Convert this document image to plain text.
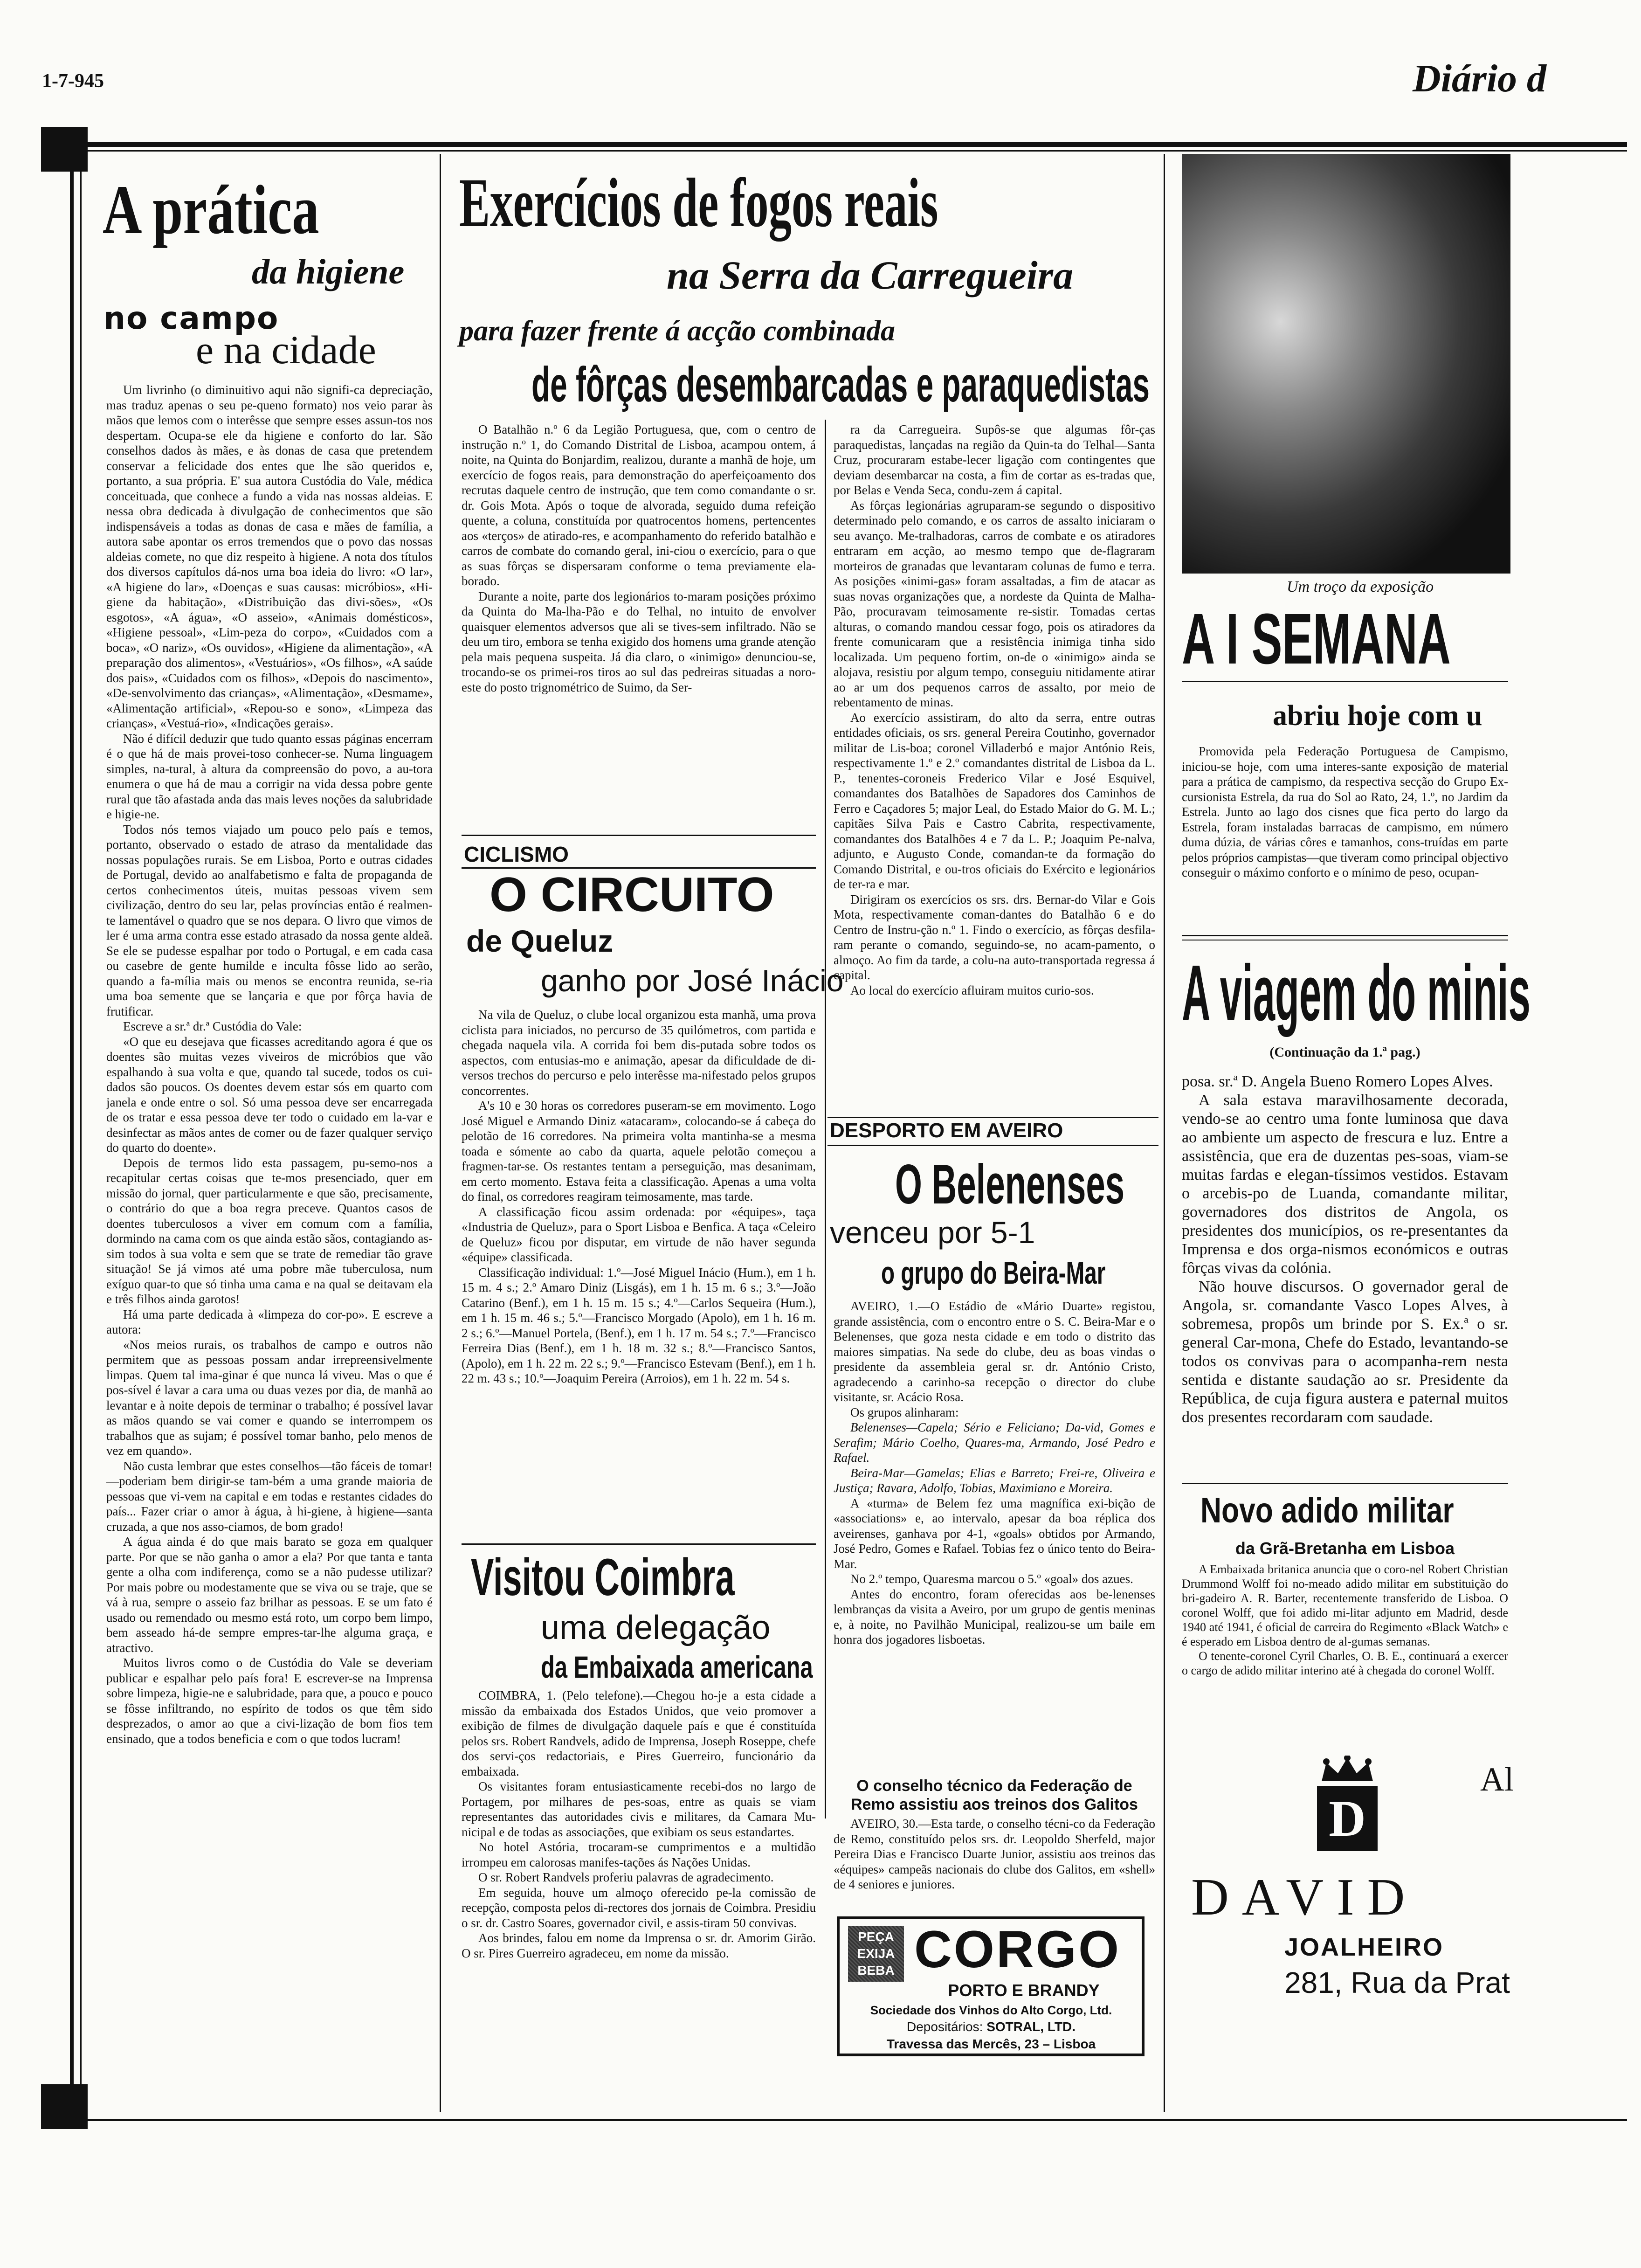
1-7-945	Diário d
A prática
da higiene
no campo
e na cidade

Um livrinho (o diminuitivo aqui não signifi-ca depreciação, mas traduz apenas o seu pe-queno formato) nos veio parar às mãos que lemos com o interêsse que sempre esses assun-tos nos despertam. Ocupa-se ele da higiene e conforto do lar. São conselhos dados às mães, e às donas de casa que pretendem conservar a felicidade dos entes que lhe são queridos e, portanto, a sua própria. E' sua autora Custódia do Vale, médica conceituada, que conhece a fundo a vida nas nossas aldeias. E nessa obra dedicada à divulgação de conhecimentos que são indispensáveis a todas as donas de casa e mães de família, a autora sabe apontar os erros tremendos que o povo das nossas aldeias comete, no que diz respeito à higiene. A nota dos títulos dos diversos capítulos dá-nos uma boa ideia do livro: «O lar», «A higiene do lar», «Doenças e suas causas: micróbios», «Hi-giene da habitação», «Distribuição das divi-sões», «Os esgotos», «A água», «O asseio», «Animais domésticos», «Higiene pessoal», «Lim-peza do corpo», «Cuidados com a boca», «O nariz», «Os ouvidos», «Higiene da alimentação», «A preparação dos alimentos», «Vestuários», «Os filhos», «A saúde dos pais», «Cuidados com os filhos», «Depois do nascimento», «De-senvolvimento das crianças», «Alimentação», «Desmame», «Alimentação artificial», «Repou-so e sono», «Limpeza das crianças», «Vestuá-rio», «Indicações gerais».

Não é difícil deduzir que tudo quanto essas páginas encerram é o que há de mais provei-toso conhecer-se. Numa linguagem simples, na-tural, à altura da compreensão do povo, a au-tora enumera o que há de mau a corrigir na vida dessa pobre gente rural que tão afastada anda das mais leves noções da salubridade e higie-ne.

Todos nós temos viajado um pouco pelo país e temos, portanto, observado o estado de atraso da mentalidade das nossas populações rurais. Se em Lisboa, Porto e outras cidades de Portugal, devido ao analfabetismo e falta de propaganda de certos conhecimentos úteis, muitas pessoas vivem sem civilização, dentro do seu lar, pelas províncias então é realmen-te lamentável o quadro que se nos depara. O livro que vimos de ler é uma arma contra esse estado atrasado da nossa gente aldeã. Se ele se pudesse espalhar por todo o Portugal, e em cada casa ou casebre de gente humilde e inculta fôsse lido ao serão, quando a fa-mília mais ou menos se encontra reunida, se-ria uma boa semente que se lançaria e que por fôrça havia de frutificar.

Escreve a sr.ª dr.ª Custódia do Vale:

«O que eu desejava que ficasses acreditando agora é que os doentes são muitas vezes viveiros de micróbios que vão espalhando à sua volta e que, quando tal sucede, todos os cui-dados são poucos. Os doentes devem estar sós em quarto com janela e onde entre o sol. Só uma pessoa deve ser encarregada de os tratar e essa pessoa deve ter todo o cuidado em la-var e desinfectar as mãos antes de comer ou de fazer qualquer serviço do quarto do doente».

Depois de termos lido esta passagem, pu-semo-nos a recapitular certas coisas que te-mos presenciado, quer em missão do jornal, quer particularmente e que são, precisamente, o contrário do que a boa regra preceve. Quantos casos de doentes tuberculosos a viver em comum com a família, dormindo na cama com os que ainda estão sãos, contagiando as-sim todos à sua volta e sem que se trate de remediar tão grave situação! Se já vimos até uma pobre mãe tuberculosa, num exíguo quar-to que só tinha uma cama e na qual se deitavam ela e três filhos ainda garotos!

Há uma parte dedicada à «limpeza do cor-po». E escreve a autora:

«Nos meios rurais, os trabalhos de campo e outros não permitem que as pessoas possam andar irrepreensivelmente limpas. Quem tal ima-ginar é que nunca lá viveu. Mas o que é pos-sível é lavar a cara uma ou duas vezes por dia, de manhã ao levantar e à noite depois de terminar o trabalho; é possível lavar as mãos quando se vai comer e quando se interrompem os trabalhos que as sujam; é possível tomar banho, pelo menos de vez em quando».

Não custa lembrar que estes conselhos—tão fáceis de tomar!—poderiam bem dirigir-se tam-bém a uma grande maioria de pessoas que vi-vem na capital e em todas e restantes cidades do país... Fazer criar o amor à água, à hi-giene, à higiene—santa cruzada, a que nos asso-ciamos, de bom grado!

A água ainda é do que mais barato se goza em qualquer parte. Por que se não ganha o amor a ela? Por que tanta e tanta gente a olha com indiferença, como se a não pudesse utilizar? Por mais pobre ou modestamente que se viva ou se traje, que se vá à rua, sempre o asseio faz brilhar as pessoas. E se um fato é usado ou remendado ou mesmo está roto, um corpo bem limpo, bem asseado há-de sempre empres-tar-lhe alguma graça, e atractivo.

Muitos livros como o de Custódia do Vale se deveriam publicar e espalhar pelo país fora! E escrever-se na Imprensa sobre limpeza, higie-ne e salubridade, para que, a pouco e pouco se fôsse infiltrando, no espírito de todos os que têm sido desprezados, o amor ao que a civi-lização de bom fios tem ensinado, que a todos beneficia e com o que todos lucram!

Exercícios de fogos reais
na Serra da Carregueira
para fazer frente á acção combinada
de fôrças desembarcadas e paraquedistas

O Batalhão n.º 6 da Legião Portuguesa, que, com o centro de instrução n.º 1, do Comando Distrital de Lisboa, acampou ontem, á noite, na Quinta do Bonjardim, realizou, durante a manhã de hoje, um exercício de fogos reais, para demonstração do aperfeiçoamento dos recrutas daquele centro de instrução, que tem como comandante o sr. dr. Gois Mota. Após o toque de alvorada, seguido duma refeição quente, a coluna, constituída por quatrocentos homens, pertencentes aos «terços» de atirado-res, e acompanhamento do referido batalhão e carros de combate do comando geral, ini-ciou o exercício, para o que as suas fôrças se dispersaram conforme o tema previamente ela-borado.

Durante a noite, parte dos legionários to-maram posições próximo da Quinta do Ma-lha-Pão e do Telhal, no intuito de envolver quaisquer elementos adversos que ali se tives-sem infiltrado. Não se deu um tiro, embora se tenha exigido dos homens uma grande atenção pela mais pequena suspeita. Já dia claro, o «inimigo» denunciou-se, trocando-se os primei-ros tiros ao sul das pedreiras situadas a noro-este do posto trignométrico de Suimo, da Ser-

ra da Carregueira. Supôs-se que algumas fôr-ças paraquedistas, lançadas na região da Quin-ta do Telhal—Santa Cruz, procuraram estabe-lecer ligação com contingentes que deviam desembarcar na costa, a fim de cortar as es-tradas que, por Belas e Venda Seca, condu-zem á capital.

As fôrças legionárias agruparam-se segundo o dispositivo determinado pelo comando, e os carros de assalto iniciaram o seu avanço. Me-tralhadoras, carros de combate e os atiradores entraram em acção, ao mesmo tempo que de-flagraram morteiros de granadas que levantaram colunas de fumo e terra. As posições «inimi-gas» foram assaltadas, a fim de atacar as suas novas organizações que, a nordeste da Quinta de Malha-Pão, procuravam teimosamente re-sistir. Tomadas certas alturas, o comando mandou cessar fogo, pois os atiradores da frente comunicaram que a resistência inimiga tinha sido localizada. Um pequeno fortim, on-de o «inimigo» ainda se alojava, resistiu por algum tempo, conseguiu nitidamente atirar ao ar um dos pequenos carros de assalto, por meio de rebentamento de minas.

Ao exercício assistiram, do alto da serra, entre outras entidades oficiais, os srs. general Pereira Coutinho, governador militar de Lis-boa; coronel Villaderbó e major António Reis, respectivamente 1.º e 2.º comandantes distrital de Lisboa da L. P., tenentes-coroneis Frederico Vilar e José Esquivel, comandantes dos Batalhões de Sapadores dos Caminhos de Ferro e Caçadores 5; major Leal, do Estado Maior do G. M. L.; capitães Silva Pais e Castro Cabrita, respectivamente, comandantes dos Batalhões 4 e 7 da L. P.; Joaquim Pe-nalva, adjunto, e Augusto Conde, comandan-te da formação do Comando Distrital, e ou-tros oficiais do Exército e legionários de ter-ra e mar.

Dirigiram os exercícios os srs. drs. Bernar-do Vilar e Gois Mota, respectivamente coman-dantes do Batalhão 6 e do Centro de Instru-ção n.º 1. Findo o exercício, as fôrças desfila-ram perante o comando, seguindo-se, no acam-pamento, o almoço. Ao fim da tarde, a colu-na auto-transportada regressa á capital.

Ao local do exercício afluiram muitos curio-sos.

CICLISMO
O CIRCUITO
de Queluz
ganho por José Inácio

Na vila de Queluz, o clube local organizou esta manhã, uma prova ciclista para iniciados, no percurso de 35 quilómetros, com partida e chegada naquela vila. A corrida foi bem dis-putada sobre todos os aspectos, com entusias-mo e animação, apesar da dificuldade de di-versos trechos do percurso e pelo interêsse ma-nifestado pelos grupos concorrentes.

A's 10 e 30 horas os corredores puseram-se em movimento. Logo José Miguel e Armando Diniz «atacaram», colocando-se á cabeça do pelotão de 16 corredores. Na primeira volta mantinha-se a mesma toada e sómente ao cabo da quarta, aquele pelotão começou a fragmen-tar-se. Os restantes tentam a perseguição, mas desanimam, em certo momento. Estava feita a classificação. Apenas a uma volta do final, os corredores reagiram teimosamente, mas tarde.

A classificação ficou assim ordenada: por «équipes», taça «Industria de Queluz», para o Sport Lisboa e Benfica. A taça «Celeiro de Queluz» ficou por disputar, em virtude de não haver segunda «équipe» classificada.

Classificação individual: 1.º—José Miguel Inácio (Hum.), em 1 h. 15 m. 4 s.; 2.º Amaro Diniz (Lisgás), em 1 h. 15 m. 6 s.; 3.º—João Catarino (Benf.), em 1 h. 15 m. 15 s.; 4.º—Carlos Sequeira (Hum.), em 1 h. 15 m. 46 s.; 5.º—Francisco Morgado (Apolo), em 1 h. 16 m. 2 s.; 6.º—Manuel Portela, (Benf.), em 1 h. 17 m. 54 s.; 7.º—Francisco Ferreira Dias (Benf.), em 1 h. 18 m. 32 s.; 8.º—Francisco Santos, (Apolo), em 1 h. 22 m. 22 s.; 9.º—Francisco Estevam (Benf.), em 1 h. 22 m. 43 s.; 10.º—Joaquim Pereira (Arroios), em 1 h. 22 m. 54 s.

Visitou Coimbra
uma delegação
da Embaixada americana

COIMBRA, 1. (Pelo telefone).—Chegou ho-je a esta cidade a missão da embaixada dos Estados Unidos, que veio promover a exibição de filmes de divulgação daquele país e que é constituída pelos srs. Robert Randvels, adido de Imprensa, Joseph Roseppe, chefe dos servi-ços redactoriais, e Pires Guerreiro, funcionário da embaixada.

Os visitantes foram entusiasticamente recebi-dos no largo de Portagem, por milhares de pes-soas, entre as quais se viam representantes das autoridades civis e militares, da Camara Mu-nicipal e de todas as associações, que exibiam os seus estandartes.

No hotel Astória, trocaram-se cumprimentos e a multidão irrompeu em calorosas manifes-tações ás Nações Unidas.

O sr. Robert Randvels proferiu palavras de agradecimento.

Em seguida, houve um almoço oferecido pe-la comissão de recepção, composta pelos di-rectores dos jornais de Coimbra. Presidiu o sr. dr. Castro Soares, governador civil, e assis-tiram 50 convivas.

Aos brindes, falou em nome da Imprensa o sr. dr. Amorim Girão. O sr. Pires Guerreiro agradeceu, em nome da missão.

DESPORTO EM AVEIRO
O Belenenses
venceu por 5-1
o grupo do Beira-Mar

AVEIRO, 1.—O Estádio de «Mário Duarte» registou, grande assistência, com o encontro entre o S. C. Beira-Mar e o Belenenses, que goza nesta cidade e em todo o distrito das maiores simpatias. Na sede do clube, deu as boas vindas o presidente da assembleia geral sr. dr. António Cristo, agradecendo a carinho-sa recepção o director do clube visitante, sr. Acácio Rosa.

Os grupos alinharam:

Belenenses—Capela; Sério e Feliciano; Da-vid, Gomes e Serafim; Mário Coelho, Quares-ma, Armando, José Pedro e Rafael.

Beira-Mar—Gamelas; Elias e Barreto; Frei-re, Oliveira e Justiça; Ravara, Adolfo, Tobias, Maximiano e Moreira.

A «turma» de Belem fez uma magnífica exi-bição de «associations» e, ao intervalo, apesar da boa réplica dos aveirenses, ganhava por 4-1, «goals» obtidos por Armando, José Pedro, Gomes e Rafael. Tobias fez o único tento do Beira-Mar.

No 2.º tempo, Quaresma marcou o 5.º «goal» dos azues.

Antes do encontro, foram oferecidas aos be-lenenses lembranças da visita a Aveiro, por um grupo de gentis meninas e, à noite, no Pavilhão Municipal, realizou-se um baile em honra dos jogadores lisboetas.

O conselho técnico da Federação de Remo assistiu aos treinos dos Galitos

AVEIRO, 30.—Esta tarde, o conselho técni-co da Federação de Remo, constituído pelos srs. dr. Leopoldo Sherfeld, major Pereira Dias e Francisco Duarte Junior, assistiu aos treinos das «équipes» campeãs nacionais do clube dos Galitos, em «shell» de 4 seniores e juniores.

PEÇA
EXIJA
BEBA CORGO
PORTO E BRANDY
Sociedade dos Vinhos do Alto Corgo, Ltd.
Depositários: SOTRAL, LTD.
Travessa das Mercês, 23 – Lisboa
Um troço da exposição
A I SEMANA
abriu hoje com u

Promovida pela Federação Portuguesa de Campismo, iniciou-se hoje, com uma interes-sante exposição de material para a prática de campismo, da respectiva secção do Grupo Ex-cursionista Estrela, da rua do Sol ao Rato, 24, 1.º, no Jardim da Estrela. Junto ao lago dos cisnes que fica perto do largo da Estrela, foram instaladas barracas de campismo, em número duma dúzia, de várias côres e tamanhos, cons-truídas em parte pelos próprios campistas—que tiveram como principal objectivo conseguir o máximo conforto e o mínimo de peso, ocupan-

A viagem do minis
(Continuação da 1.ª pag.)

posa. sr.ª D. Angela Bueno Romero Lopes Alves.

A sala estava maravilhosamente decorada, vendo-se ao centro uma fonte luminosa que dava ao ambiente um aspecto de frescura e luz. Entre a assistência, que era de duzentas pes-soas, viam-se muitas fardas e elegan-tíssimos vestidos. Estavam o arcebis-po de Luanda, comandante militar, governadores dos distritos de Angola, os presidentes dos municípios, os re-presentantes da Imprensa e dos orga-nismos económicos e outras fôrças vivas da colónia.

Não houve discursos. O governador geral de Angola, sr. comandante Vasco Lopes Alves, à sobremesa, propôs um brinde por S. Ex.ª o sr. general Car-mona, Chefe do Estado, levantando-se todos os convivas para o acompanha-rem nesta sentida e distante saudação ao sr. Presidente da República, de cuja figura austera e paternal muitos dos presentes recordaram com saudade.

Novo adido militar
da Grã-Bretanha em Lisboa

A Embaixada britanica anuncia que o coro-nel Robert Christian Drummond Wolff foi no-meado adido militar em substituição do bri-gadeiro A. R. Barter, recentemente transferido de Lisboa. O coronel Wolff, que foi adido mi-litar adjunto em Madrid, desde 1940 até 1941, é oficial de carreira do Regimento «Black Watch» e é esperado em Lisboa dentro de al-gumas semanas.

O tenente-coronel Cyril Charles, O. B. E., continuará a exercer o cargo de adido militar interino até à chegada do coronel Wolff.

Al
D
DAVID
JOALHEIRO
281, Rua da Prat
